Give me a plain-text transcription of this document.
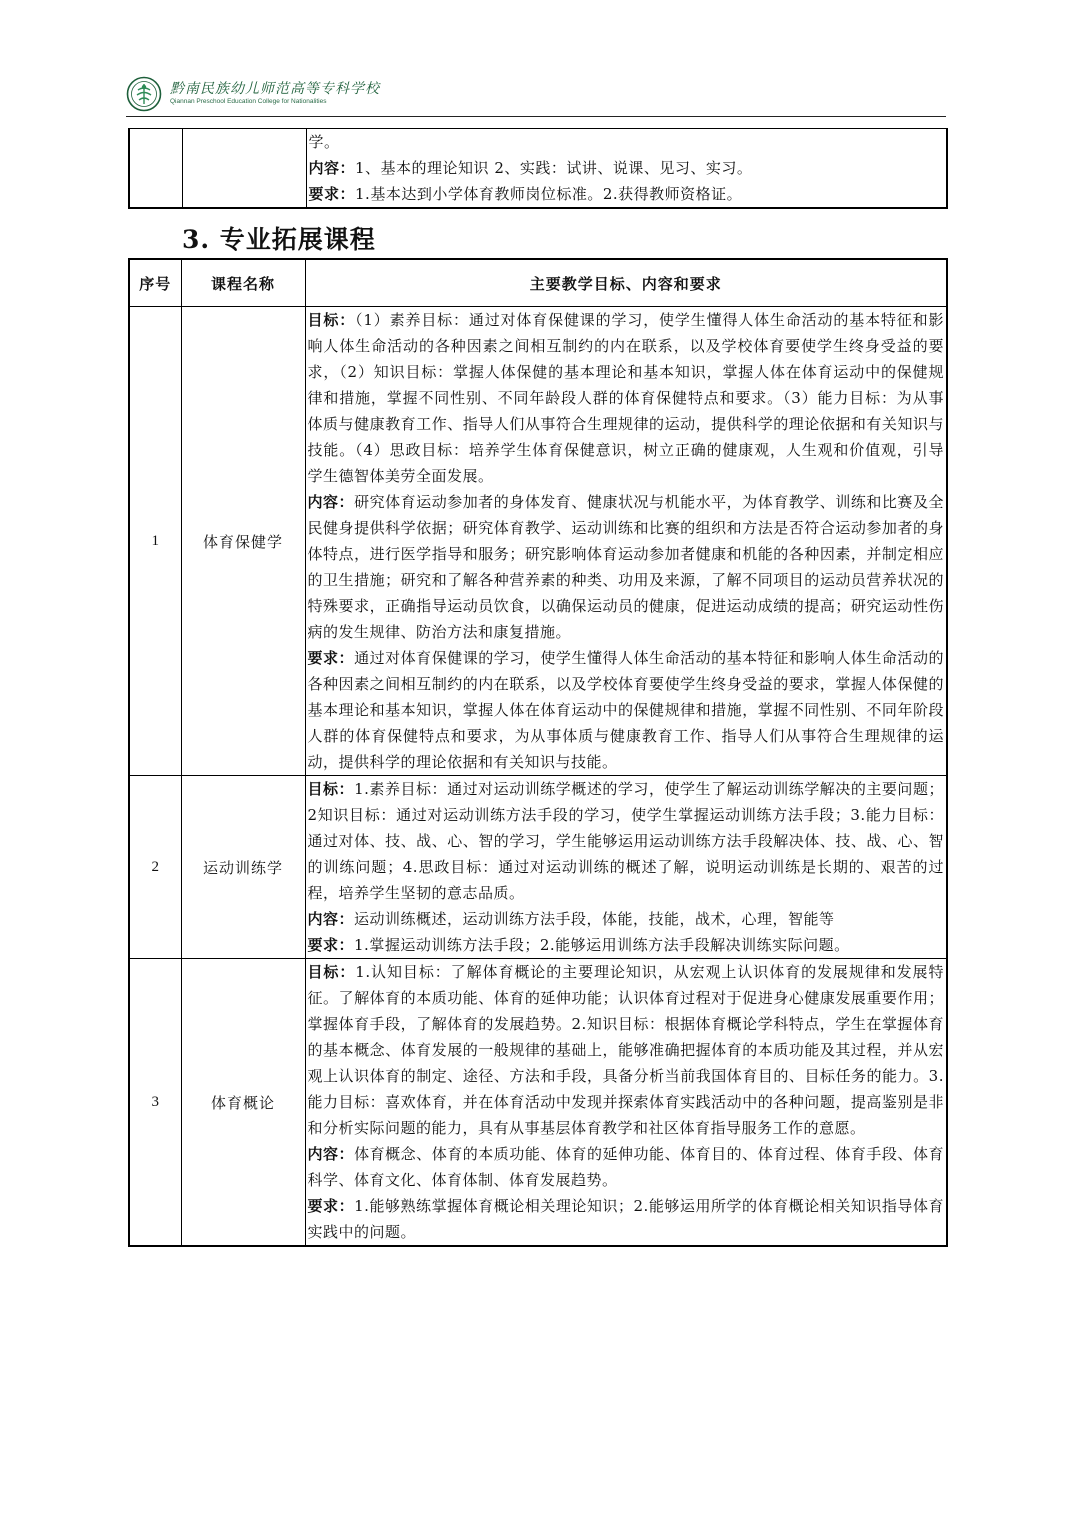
黔南民族幼儿师范高等专科学校
Qiannan Preschool Education College for Nationalities

学。

内容：1、基本的理论知识 2、实践：试讲、说课、见习、实习。

要求：1.基本达到小学体育教师岗位标准。2.获得教师资格证。

3. 专业拓展课程
序号	课程名称	主要教学目标、内容和要求
1	体育保健学	目标：（1）素养目标：通过对体育保健课的学习，使学生懂得人体生命活动的基本特征和影响人体生命活动的各种因素之间相互制约的内在联系，以及学校体育要使学生终身受益的要求，（2）知识目标：掌握人体保健的基本理论和基本知识，掌握人体在体育运动中的保健规律和措施，掌握不同性别、不同年龄段人群的体育保健特点和要求。（3）能力目标：为从事体质与健康教育工作、指导人们从事符合生理规律的运动，提供科学的理论依据和有关知识与技能。（4）思政目标：培养学生体育保健意识，树立正确的健康观，人生观和价值观，引导学生德智体美劳全面发展。

内容：研究体育运动参加者的身体发育、健康状况与机能水平，为体育教学、训练和比赛及全民健身提供科学依据；研究体育教学、运动训练和比赛的组织和方法是否符合运动参加者的身体特点，进行医学指导和服务；研究影响体育运动参加者健康和机能的各种因素，并制定相应的卫生措施；研究和了解各种营养素的种类、功用及来源，了解不同项目的运动员营养状况的特殊要求，正确指导运动员饮食，以确保运动员的健康，促进运动成绩的提高；研究运动性伤病的发生规律、防治方法和康复措施。

要求：通过对体育保健课的学习，使学生懂得人体生命活动的基本特征和影响人体生命活动的各种因素之间相互制约的内在联系，以及学校体育要使学生终身受益的要求，掌握人体保健的基本理论和基本知识，掌握人体在体育运动中的保健规律和措施，掌握不同性别、不同年阶段人群的体育保健特点和要求，为从事体质与健康教育工作、指导人们从事符合生理规律的运动，提供科学的理论依据和有关知识与技能。

2	运动训练学	目标：1.素养目标：通过对运动训练学概述的学习，使学生了解运动训练学解决的主要问题；2知识目标：通过对运动训练方法手段的学习，使学生掌握运动训练方法手段；3.能力目标：通过对体、技、战、心、智的学习，学生能够运用运动训练方法手段解决体、技、战、心、智的训练问题；4.思政目标：通过对运动训练的概述了解，说明运动训练是长期的、艰苦的过程，培养学生坚韧的意志品质。

内容：运动训练概述，运动训练方法手段，体能，技能，战术，心理，智能等

要求：1.掌握运动训练方法手段；2.能够运用训练方法手段解决训练实际问题。

3	体育概论	目标：1.认知目标：了解体育概论的主要理论知识，从宏观上认识体育的发展规律和发展特征。了解体育的本质功能、体育的延伸功能；认识体育过程对于促进身心健康发展重要作用；掌握体育手段，了解体育的发展趋势。2.知识目标：根据体育概论学科特点，学生在掌握体育的基本概念、体育发展的一般规律的基础上，能够准确把握体育的本质功能及其过程，并从宏观上认识体育的制定、途径、方法和手段，具备分析当前我国体育目的、目标任务的能力。3.能力目标：喜欢体育，并在体育活动中发现并探索体育实践活动中的各种问题，提高鉴别是非和分析实际问题的能力，具有从事基层体育教学和社区体育指导服务工作的意愿。

内容：体育概念、体育的本质功能、体育的延伸功能、体育目的、体育过程、体育手段、体育科学、体育文化、体育体制、体育发展趋势。

要求：1.能够熟练掌握体育概论相关理论知识；2.能够运用所学的体育概论相关知识指导体育实践中的问题。
